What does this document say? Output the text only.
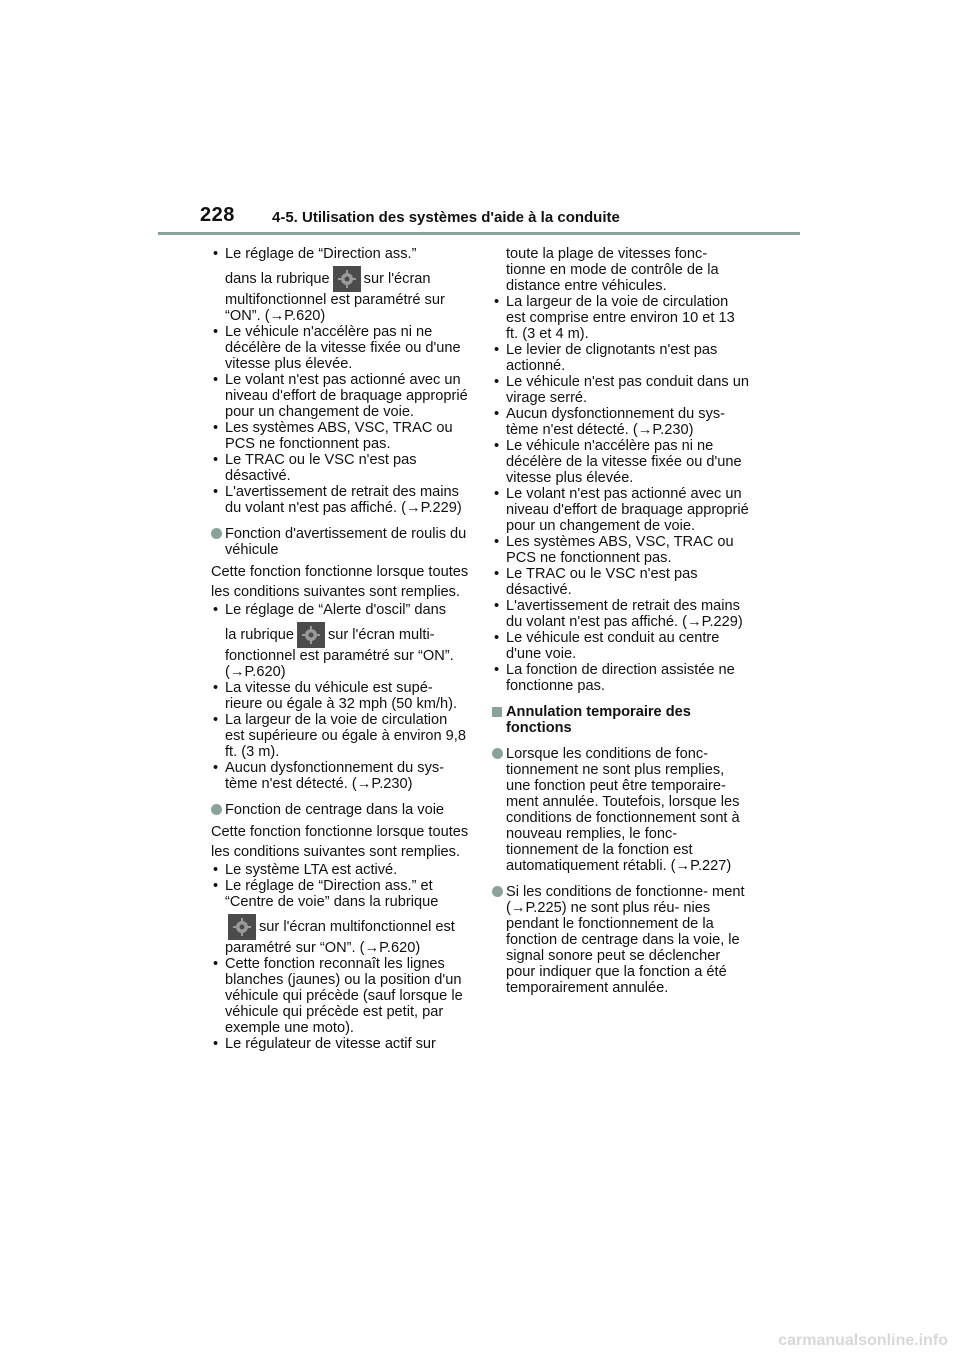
228 4-5. Utilisation des systèmes d'aide à la conduite
• Le réglage de “Direction ass.”
dans la rubrique sur l'écran
multifonctionnel est paramétré sur “ON”. (→P.620)
• Le véhicule n'accélère pas ni ne décélère de la vitesse fixée ou d'une vitesse plus élevée.
• Le volant n'est pas actionné avec un niveau d'effort de braquage approprié pour un changement de voie.
• Les systèmes ABS, VSC, TRAC ou PCS ne fonctionnent pas.
• Le TRAC ou le VSC n'est pas désactivé.
• L'avertissement de retrait des mains du volant n'est pas affiché. (→P.229)
Fonction d'avertissement de roulis du véhicule
Cette fonction fonctionne lorsque toutes les conditions suivantes sont remplies.
• Le réglage de “Alerte d'oscil” dans
la rubrique sur l'écran multi-
fonctionnel est paramétré sur “ON”. (→P.620)
• La vitesse du véhicule est supé- rieure ou égale à 32 mph (50 km/h).
• La largeur de la voie de circulation est supérieure ou égale à environ 9,8 ft. (3 m).
• Aucun dysfonctionnement du sys- tème n'est détecté. (→P.230)
Fonction de centrage dans la voie
Cette fonction fonctionne lorsque toutes les conditions suivantes sont remplies.
• Le système LTA est activé.
• Le réglage de “Direction ass.” et “Centre de voie” dans la rubrique
sur l'écran multifonctionnel est
paramétré sur “ON”. (→P.620)
• Cette fonction reconnaît les lignes blanches (jaunes) ou la position d'un véhicule qui précède (sauf lorsque le véhicule qui précède est petit, par exemple une moto).
• Le régulateur de vitesse actif sur
toute la plage de vitesses fonc- tionne en mode de contrôle de la distance entre véhicules.
• La largeur de la voie de circulation est comprise entre environ 10 et 13 ft. (3 et 4 m).
• Le levier de clignotants n'est pas actionné.
• Le véhicule n'est pas conduit dans un virage serré.
• Aucun dysfonctionnement du sys- tème n'est détecté. (→P.230)
• Le véhicule n'accélère pas ni ne décélère de la vitesse fixée ou d'une vitesse plus élevée.
• Le volant n'est pas actionné avec un niveau d'effort de braquage approprié pour un changement de voie.
• Les systèmes ABS, VSC, TRAC ou PCS ne fonctionnent pas.
• Le TRAC ou le VSC n'est pas désactivé.
• L'avertissement de retrait des mains du volant n'est pas affiché. (→P.229)
• Le véhicule est conduit au centre d'une voie.
• La fonction de direction assistée ne fonctionne pas.
Annulation temporaire des fonctions
Lorsque les conditions de fonc- tionnement ne sont plus remplies, une fonction peut être temporaire- ment annulée. Toutefois, lorsque les conditions de fonctionnement sont à nouveau remplies, le fonc- tionnement de la fonction est automatiquement rétabli. (→P.227)
Si les conditions de fonctionne- ment (→P.225) ne sont plus réu- nies pendant le fonctionnement de la fonction de centrage dans la voie, le signal sonore peut se déclencher pour indiquer que la fonction a été temporairement annulée.
carmanualsonline.info
